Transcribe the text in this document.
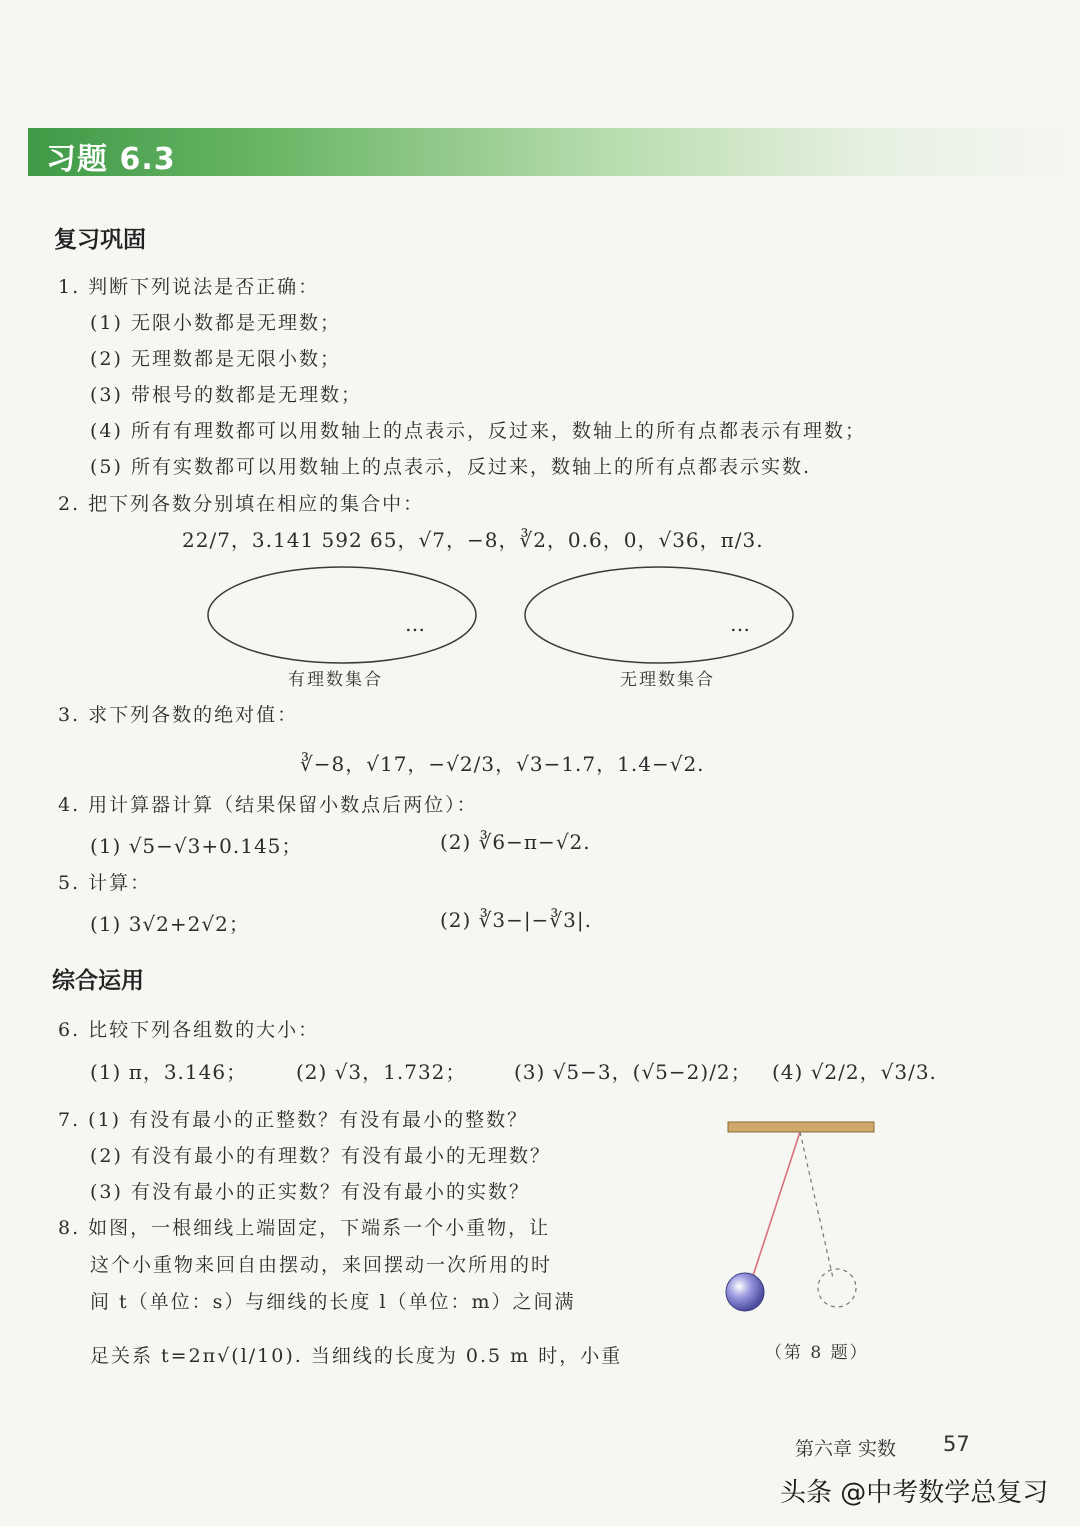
习题 6.3
复习巩固
1. 判断下列说法是否正确：
(1) 无限小数都是无理数；
(2) 无理数都是无限小数；
(3) 带根号的数都是无理数；
(4) 所有有理数都可以用数轴上的点表示，反过来，数轴上的所有点都表示有理数；
(5) 所有实数都可以用数轴上的点表示，反过来，数轴上的所有点都表示实数.
2. 把下列各数分别填在相应的集合中：
22/7，3.141 592 65，√7，−8，∛2，0.6，0，√36，π/3.
…	…
有理数集合	无理数集合
3. 求下列各数的绝对值：
∛−8，√17，−√2/3，√3−1.7，1.4−√2.
4. 用计算器计算（结果保留小数点后两位）：
(1) √5−√3+0.145；	(2) ∛6−π−√2.
5. 计算：
(1) 3√2+2√2；	(2) ∛3−|−∛3|.
综合运用
6. 比较下列各组数的大小：
(1) π，3.146； (2) √3，1.732； (3) √5−3，(√5−2)/2； (4) √2/2，√3/3.
7. (1) 有没有最小的正整数？有没有最小的整数？
(2) 有没有最小的有理数？有没有最小的无理数？
(3) 有没有最小的正实数？有没有最小的实数？
8. 如图，一根细线上端固定，下端系一个小重物，让
这个小重物来回自由摆动，来回摆动一次所用的时
间 t（单位：s）与细线的长度 l（单位：m）之间满
足关系 t=2π√(l/10). 当细线的长度为 0.5 m 时，小重	（第 8 题）
第六章 实数 57
头条 @中考数学总复习
